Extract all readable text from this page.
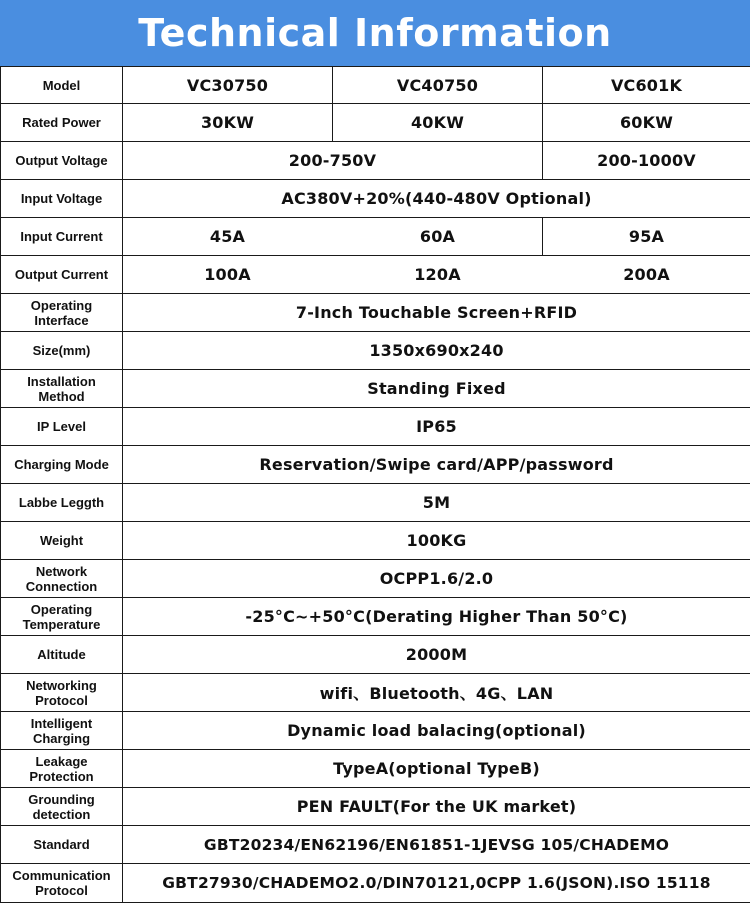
Technical Information
Model	VC30750	VC40750	VC601K
Rated Power	30KW	40KW	60KW
Output Voltage	200-750V		200-1000V
Input Voltage	AC380V+20%(440-480V Optional)		
Input Current	45A	60A	95A
Output Current	100A	120A	200A
Operating
Interface	7-Inch Touchable Screen+RFID		
Size(mm)	1350x690x240		
Installation
Method	Standing Fixed		
IP Level	IP65		
Charging Mode	Reservation/Swipe card/APP/password		
Labbe Leggth	5M		
Weight	100KG		
Network
Connection	OCPP1.6/2.0		
Operating
Temperature	-25°C~+50°C(Derating Higher Than 50°C)		
Altitude	2000M		
Networking
Protocol	wifi、Bluetooth、4G、LAN		
Intelligent
Charging	Dynamic load balacing(optional)		
Leakage
Protection	TypeA(optional TypeB)		
Grounding
detection	PEN FAULT(For the UK market)		
Standard	GBT20234/EN62196/EN61851-1JEVSG 105/CHADEMO		
Communication
Protocol	GBT27930/CHADEMO2.0/DIN70121,0CPP 1.6(JSON).ISO 15118		
